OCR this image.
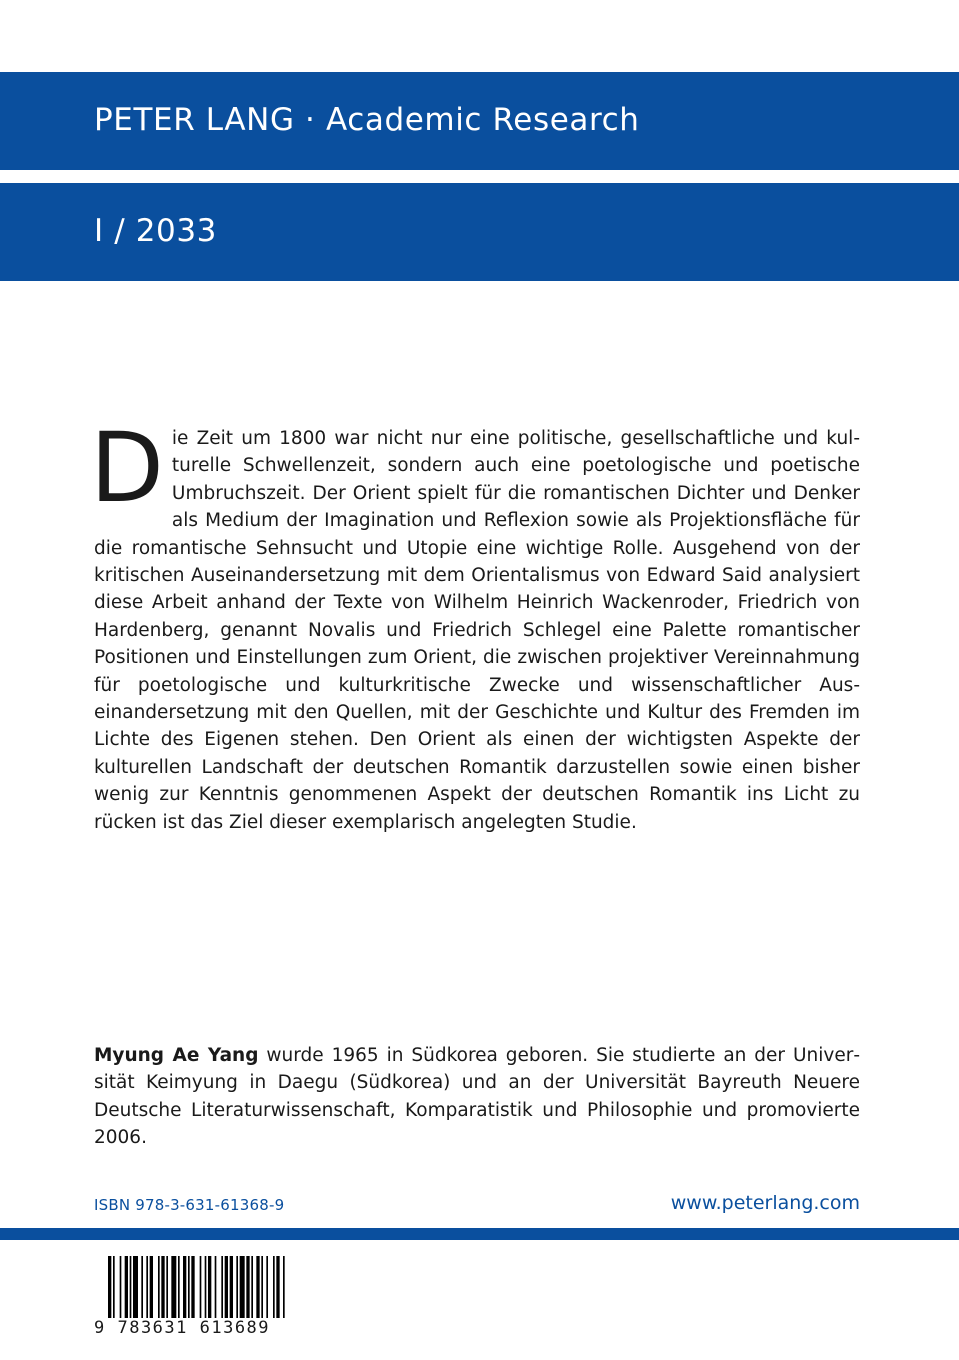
PETER LANG · Academic Research
I / 2033

Die Zeit um 1800 war nicht nur eine politische, gesellschaftliche und kulturelle Schwellenzeit, sondern auch eine poetologische und poetische Umbruchszeit. Der Orient spielt für die romantischen Dichter und Denker als Medium der Imagination und Reflexion sowie als Projektionsfläche für die romantische Sehnsucht und Utopie eine wichtige Rolle. Ausgehend von der kritischen Auseinandersetzung mit dem Orientalismus von Edward Said analysiert diese Arbeit anhand der Texte von Wilhelm Heinrich Wackenroder, Friedrich von Hardenberg, genannt Novalis und Friedrich Schlegel eine Palette romantischer Positionen und Einstellungen zum Orient, die zwischen projektiver Vereinnahmung für poetologische und kulturkritische Zwecke und wissenschaftlicher Auseinandersetzung mit den Quellen, mit der Geschichte und Kultur des Fremden im Lichte des Eigenen stehen. Den Orient als einen der wichtigsten Aspekte der kulturellen Landschaft der deutschen Romantik darzustellen sowie einen bisher wenig zur Kenntnis genommenen Aspekt der deutschen Romantik ins Licht zu rücken ist das Ziel dieser exemplarisch angelegten Studie.

Myung Ae Yang wurde 1965 in Südkorea geboren. Sie studierte an der Universität Keimyung in Daegu (Südkorea) und an der Universität Bayreuth Neuere Deutsche Literaturwissenschaft, Komparatistik und Philosophie und promovierte 2006.

ISBN 978-3-631-61368-9	www.peterlang.com
9 783631 613689
